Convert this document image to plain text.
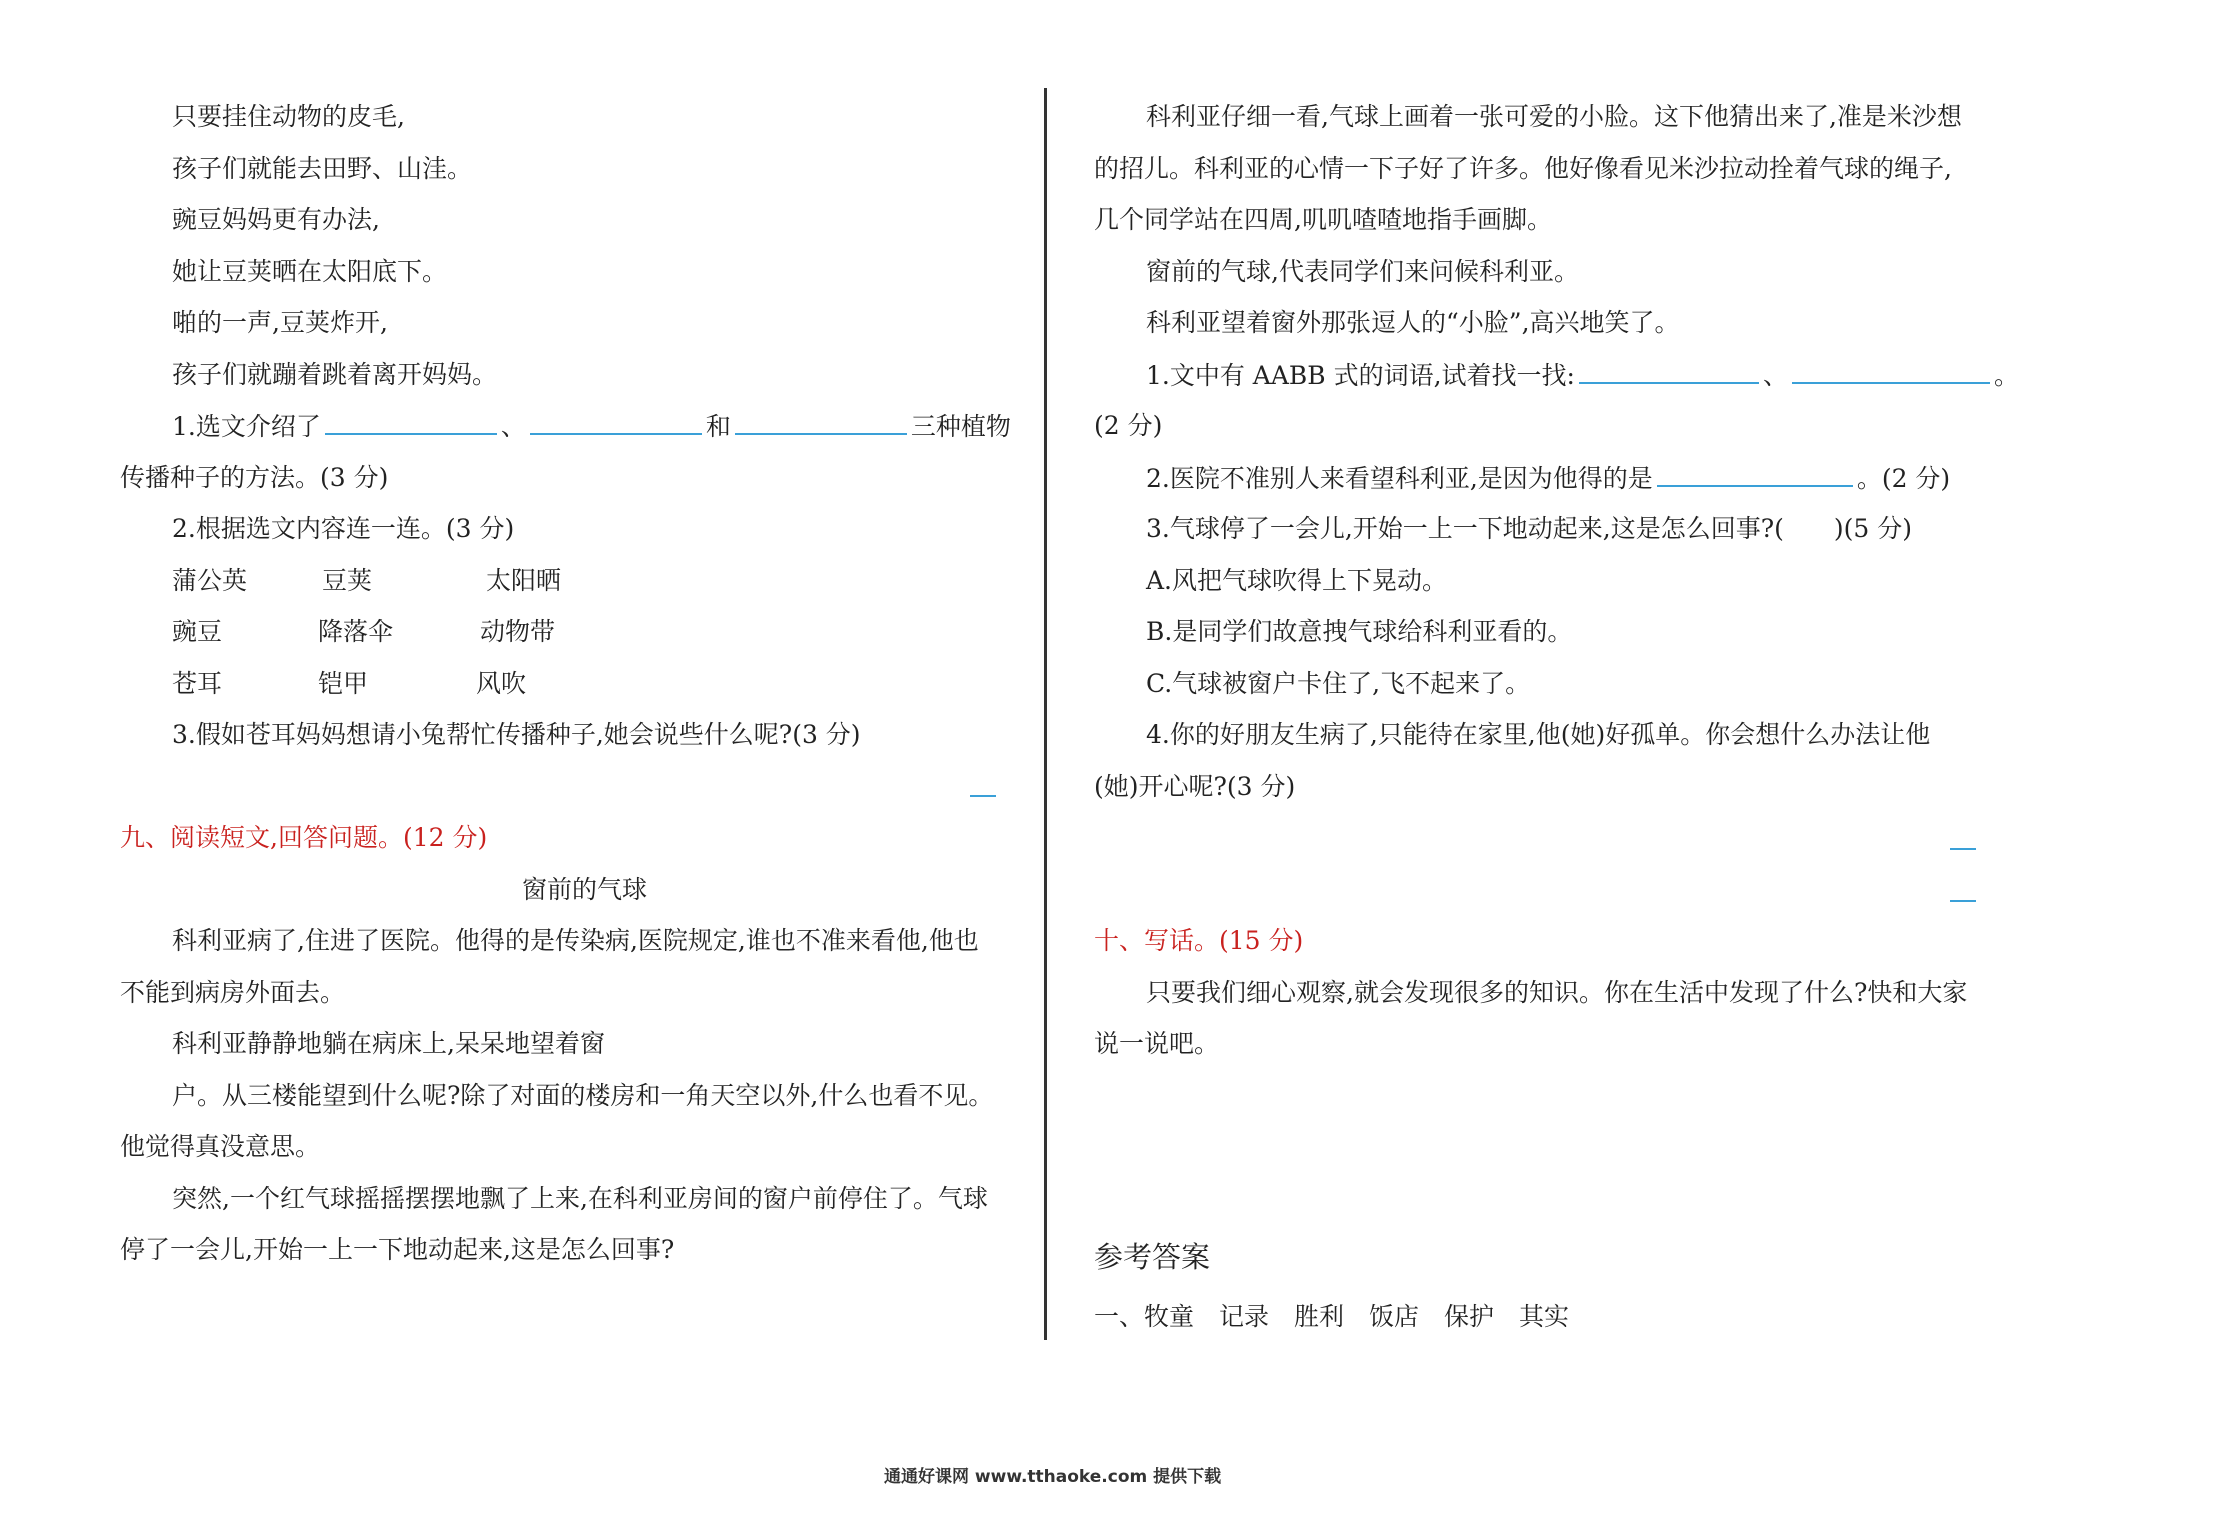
只要挂住动物的皮毛,
孩子们就能去田野、山洼。
豌豆妈妈更有办法,
她让豆荚晒在太阳底下。
啪的一声,豆荚炸开,
孩子们就蹦着跳着离开妈妈。
1.选文介绍了	、	和	三种植物
传播种子的方法。(3 分)
2.根据选文内容连一连。(3 分)
蒲公英	豆荚	太阳晒
豌豆	降落伞	动物带
苍耳	铠甲	风吹
3.假如苍耳妈妈想请小兔帮忙传播种子,她会说些什么呢?(3 分)
九、阅读短文,回答问题。(12 分)
窗前的气球
科利亚病了,住进了医院。他得的是传染病,医院规定,谁也不准来看他,他也
不能到病房外面去。
科利亚静静地躺在病床上,呆呆地望着窗
户。从三楼能望到什么呢?除了对面的楼房和一角天空以外,什么也看不见。
他觉得真没意思。
突然,一个红气球摇摇摆摆地飘了上来,在科利亚房间的窗户前停住了。气球
停了一会儿,开始一上一下地动起来,这是怎么回事?
科利亚仔细一看,气球上画着一张可爱的小脸。这下他猜出来了,准是米沙想
的招儿。科利亚的心情一下子好了许多。他好像看见米沙拉动拴着气球的绳子,
几个同学站在四周,叽叽喳喳地指手画脚。
窗前的气球,代表同学们来问候科利亚。
科利亚望着窗外那张逗人的“小脸”,高兴地笑了。
1.文中有 AABB 式的词语,试着找一找:	、	。
(2 分)
2.医院不准别人来看望科利亚,是因为他得的是	。(2 分)
3.气球停了一会儿,开始一上一下地动起来,这是怎么回事?(　　)(5 分)
A.风把气球吹得上下晃动。
B.是同学们故意拽气球给科利亚看的。
C.气球被窗户卡住了,飞不起来了。
4.你的好朋友生病了,只能待在家里,他(她)好孤单。你会想什么办法让他
(她)开心呢?(3 分)
十、写话。(15 分)
只要我们细心观察,就会发现很多的知识。你在生活中发现了什么?快和大家
说一说吧。
参考答案
一、牧童　记录　胜利　饭店　保护　其实
通通好课网 www.tthaoke.com 提供下载
